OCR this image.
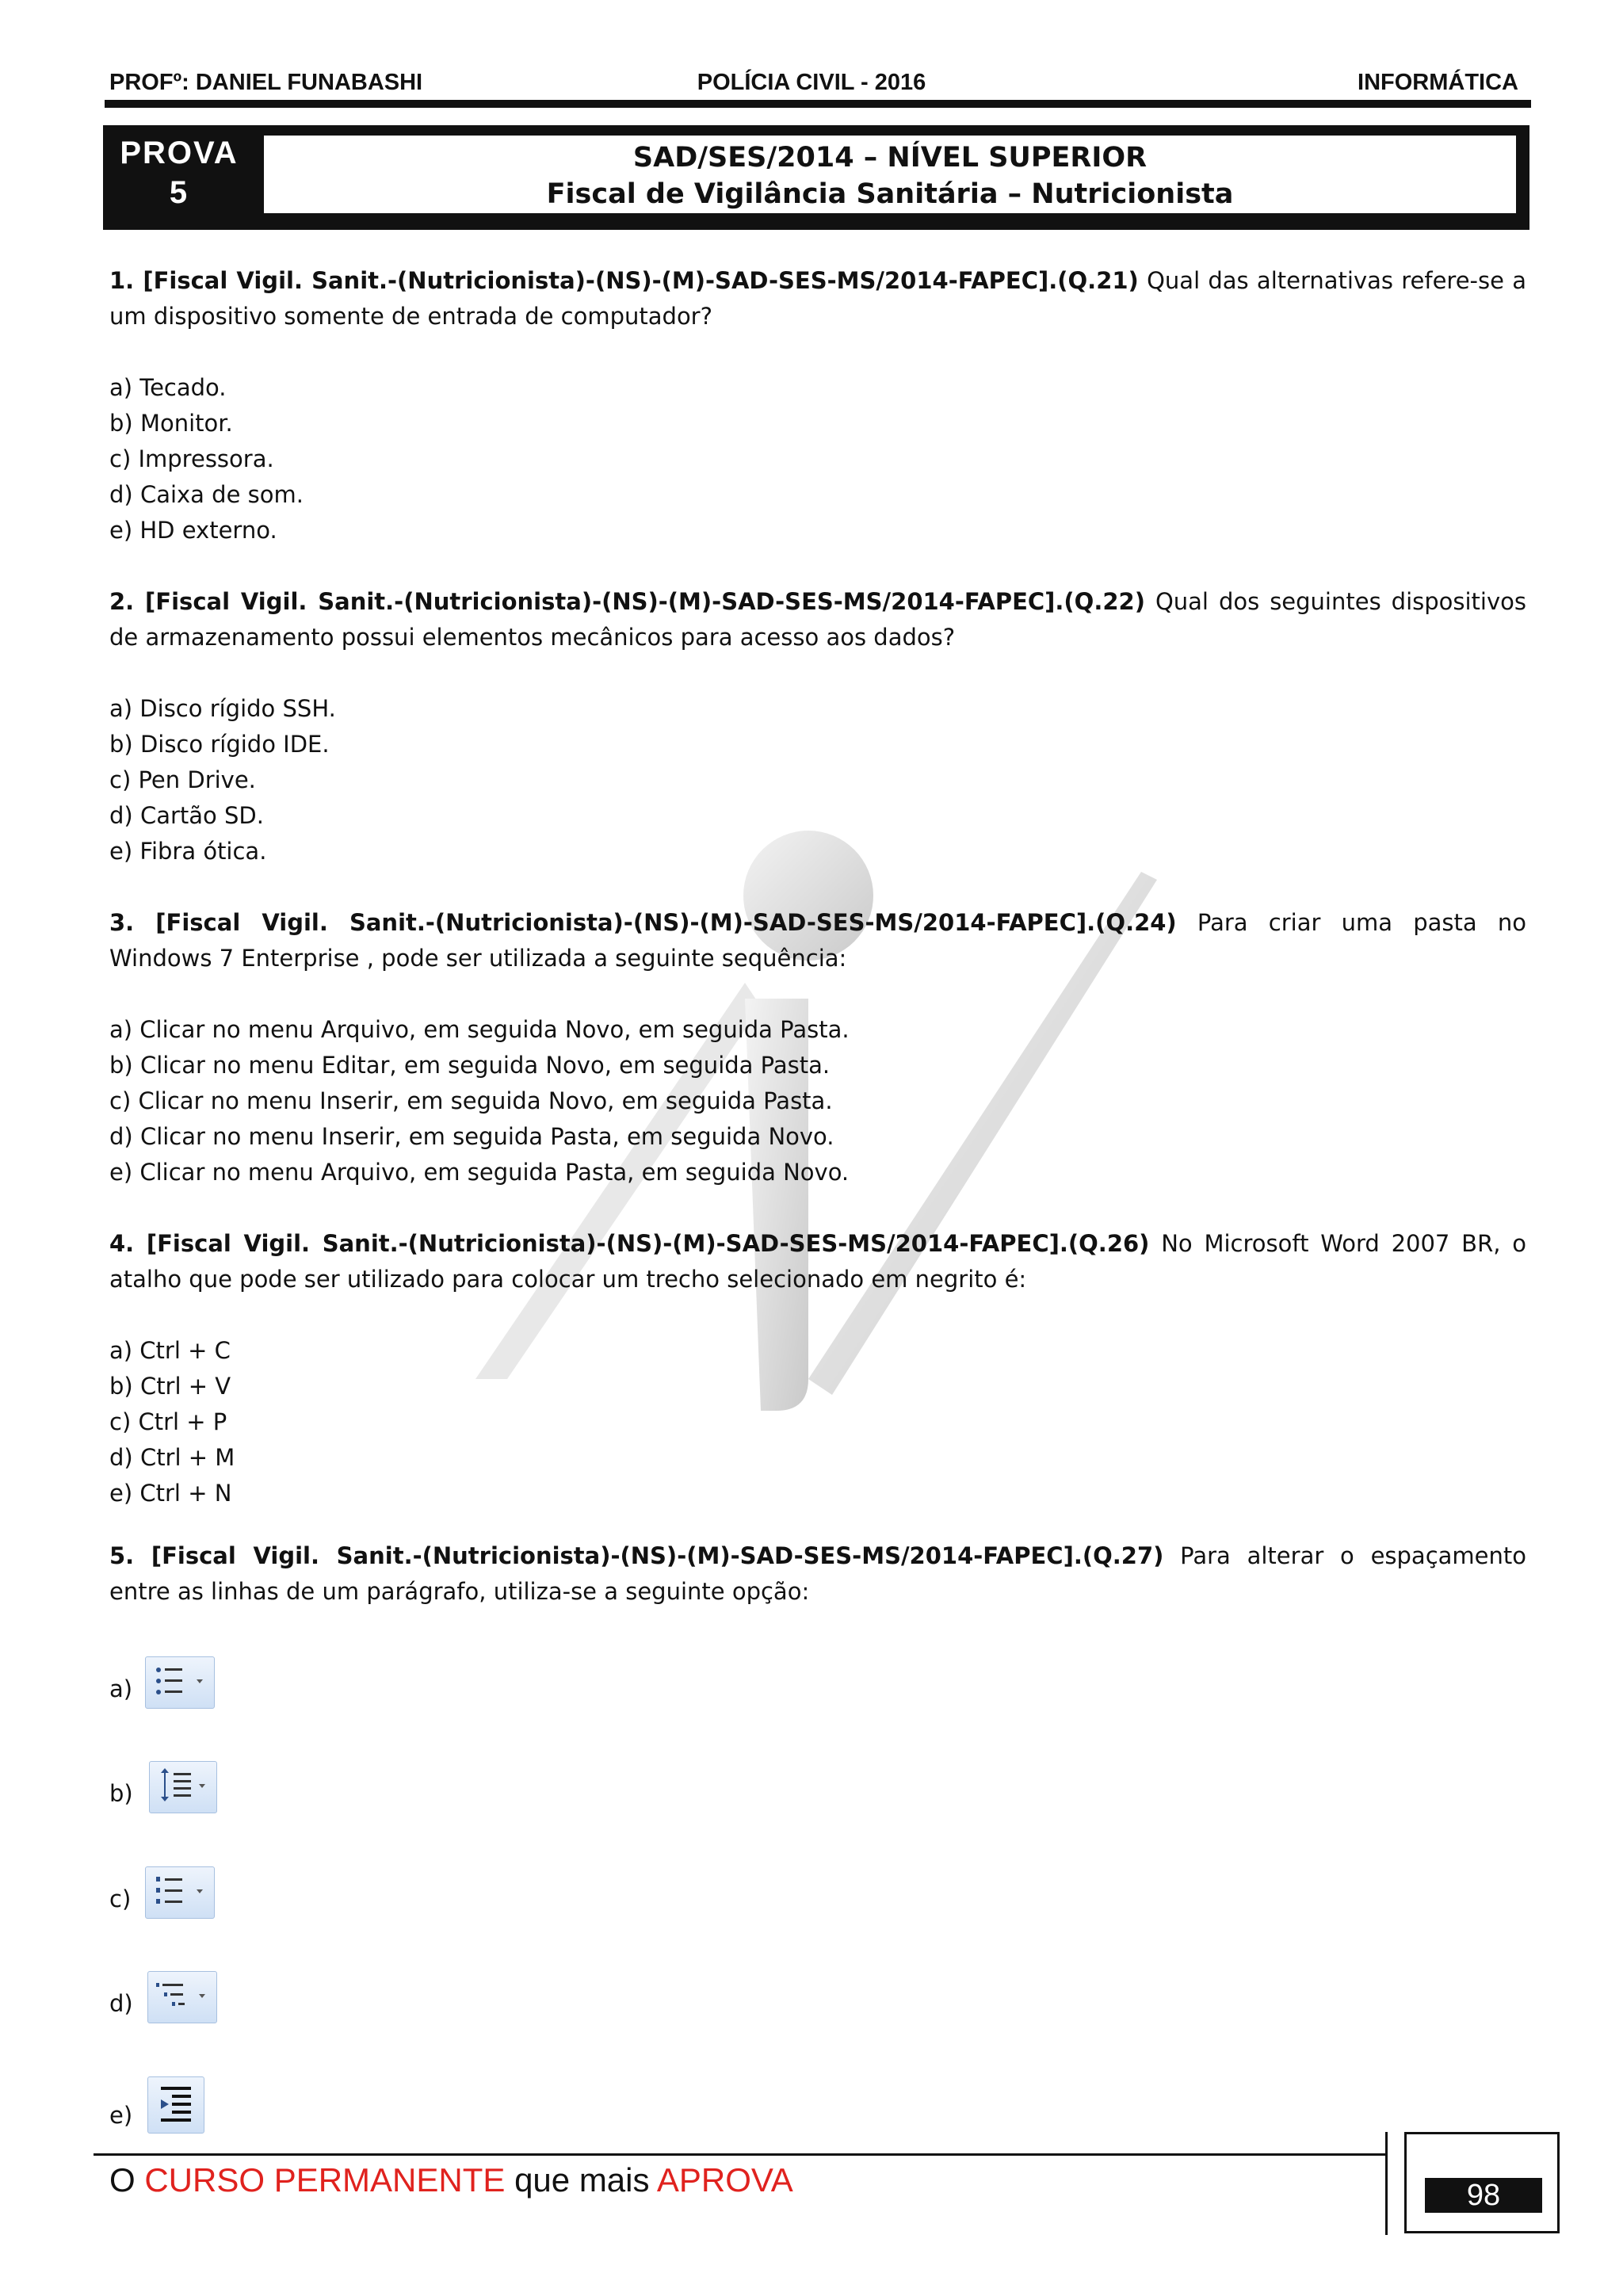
PROFº: DANIEL FUNABASHI	POLÍCIA CIVIL - 2016	INFORMÁTICA
PROVA
5
SAD/SES/2014 – NÍVEL SUPERIOR
Fiscal de Vigilância Sanitária – Nutricionista
1. [Fiscal Vigil. Sanit.-(Nutricionista)-(NS)-(M)-SAD-SES-MS/2014-FAPEC].(Q.21) Qual das alternativas refere-se a um dispositivo somente de entrada de computador?
a) Tecado.
b) Monitor.
c) Impressora.
d) Caixa de som.
e) HD externo.
2. [Fiscal Vigil. Sanit.-(Nutricionista)-(NS)-(M)-SAD-SES-MS/2014-FAPEC].(Q.22) Qual dos seguintes dispositivos de armazenamento possui elementos mecânicos para acesso aos dados?
a) Disco rígido SSH.
b) Disco rígido IDE.
c) Pen Drive.
d) Cartão SD.
e) Fibra ótica.
3. [Fiscal Vigil. Sanit.-(Nutricionista)-(NS)-(M)-SAD-SES-MS/2014-FAPEC].(Q.24) Para criar uma pasta no Windows 7 Enterprise , pode ser utilizada a seguinte sequência:
a) Clicar no menu Arquivo, em seguida Novo, em seguida Pasta.
b) Clicar no menu Editar, em seguida Novo, em seguida Pasta.
c) Clicar no menu Inserir, em seguida Novo, em seguida Pasta.
d) Clicar no menu Inserir, em seguida Pasta, em seguida Novo.
e) Clicar no menu Arquivo, em seguida Pasta, em seguida Novo.
4. [Fiscal Vigil. Sanit.-(Nutricionista)-(NS)-(M)-SAD-SES-MS/2014-FAPEC].(Q.26) No Microsoft Word 2007 BR, o atalho que pode ser utilizado para colocar um trecho selecionado em negrito é:
a) Ctrl + C
b) Ctrl + V
c) Ctrl + P
d) Ctrl + M
e) Ctrl + N
5. [Fiscal Vigil. Sanit.-(Nutricionista)-(NS)-(M)-SAD-SES-MS/2014-FAPEC].(Q.27) Para alterar o espaçamento entre as linhas de um parágrafo, utiliza-se a seguinte opção:
a)
b)
c)
d)
e)
O CURSO PERMANENTE que mais APROVA	98
